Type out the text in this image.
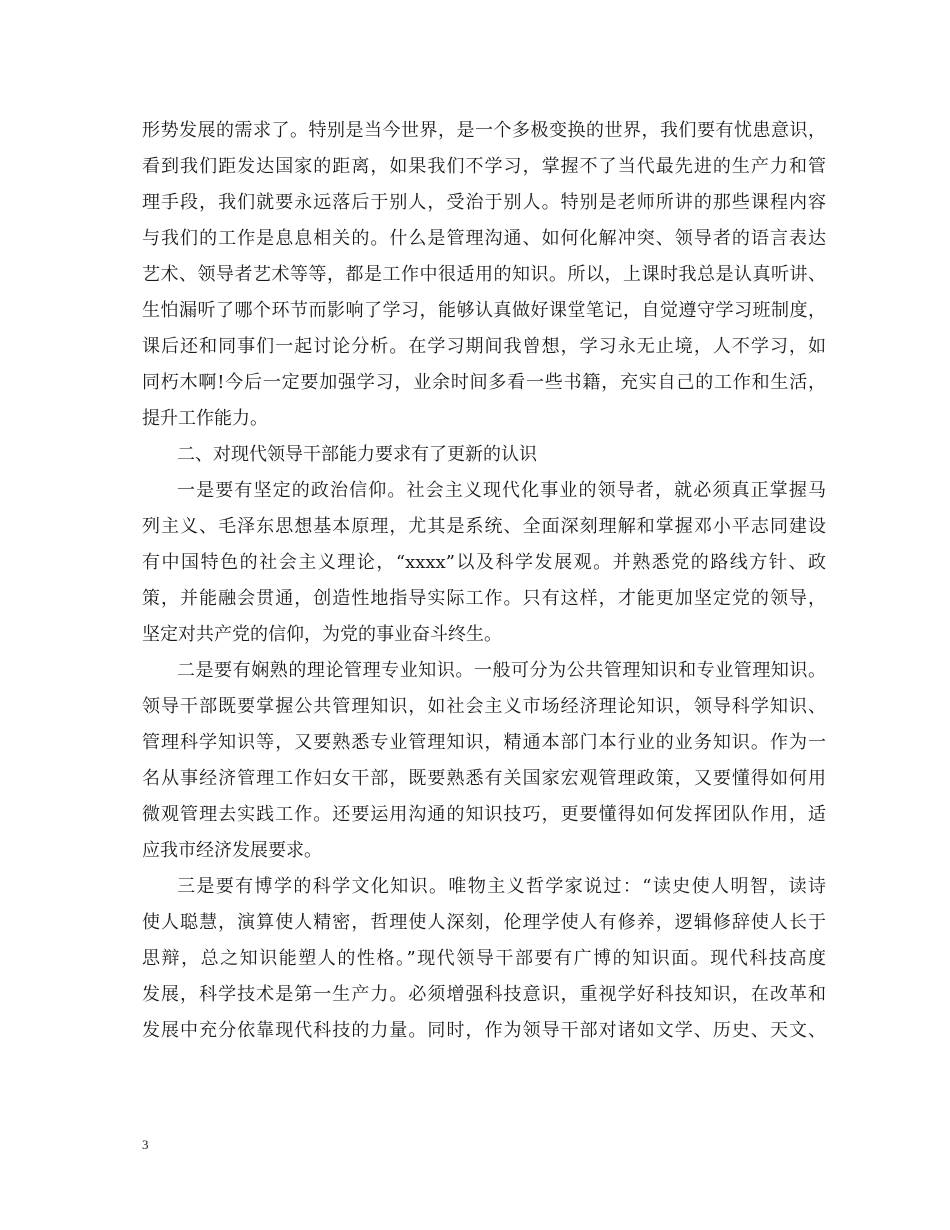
形势发展的需求了。特别是当今世界，是一个多极变换的世界，我们要有忧患意识，
看到我们距发达国家的距离，如果我们不学习，掌握不了当代最先进的生产力和管
理手段，我们就要永远落后于别人，受治于别人。特别是老师所讲的那些课程内容
与我们的工作是息息相关的。什么是管理沟通、如何化解冲突、领导者的语言表达
艺术、领导者艺术等等，都是工作中很适用的知识。所以，上课时我总是认真听讲、
生怕漏听了哪个环节而影响了学习，能够认真做好课堂笔记，自觉遵守学习班制度，
课后还和同事们一起讨论分析。在学习期间我曾想，学习永无止境，人不学习，如
同朽木啊!今后一定要加强学习，业余时间多看一些书籍，充实自己的工作和生活，
提升工作能力。
二、对现代领导干部能力要求有了更新的认识
一是要有坚定的政治信仰。社会主义现代化事业的领导者，就必须真正掌握马
列主义、毛泽东思想基本原理，尤其是系统、全面深刻理解和掌握邓小平志同建设
有中国特色的社会主义理论，“xxxx”以及科学发展观。并熟悉党的路线方针、政
策，并能融会贯通，创造性地指导实际工作。只有这样，才能更加坚定党的领导，
坚定对共产党的信仰，为党的事业奋斗终生。
二是要有娴熟的理论管理专业知识。一般可分为公共管理知识和专业管理知识。
领导干部既要掌握公共管理知识，如社会主义市场经济理论知识，领导科学知识、
管理科学知识等，又要熟悉专业管理知识，精通本部门本行业的业务知识。作为一
名从事经济管理工作妇女干部，既要熟悉有关国家宏观管理政策，又要懂得如何用
微观管理去实践工作。还要运用沟通的知识技巧，更要懂得如何发挥团队作用，适
应我市经济发展要求。
三是要有博学的科学文化知识。唯物主义哲学家说过：“读史使人明智，读诗
使人聪慧，演算使人精密，哲理使人深刻，伦理学使人有修养，逻辑修辞使人长于
思辩，总之知识能塑人的性格。”现代领导干部要有广博的知识面。现代科技高度
发展，科学技术是第一生产力。必须增强科技意识，重视学好科技知识，在改革和
发展中充分依靠现代科技的力量。同时，作为领导干部对诸如文学、历史、天文、
3
